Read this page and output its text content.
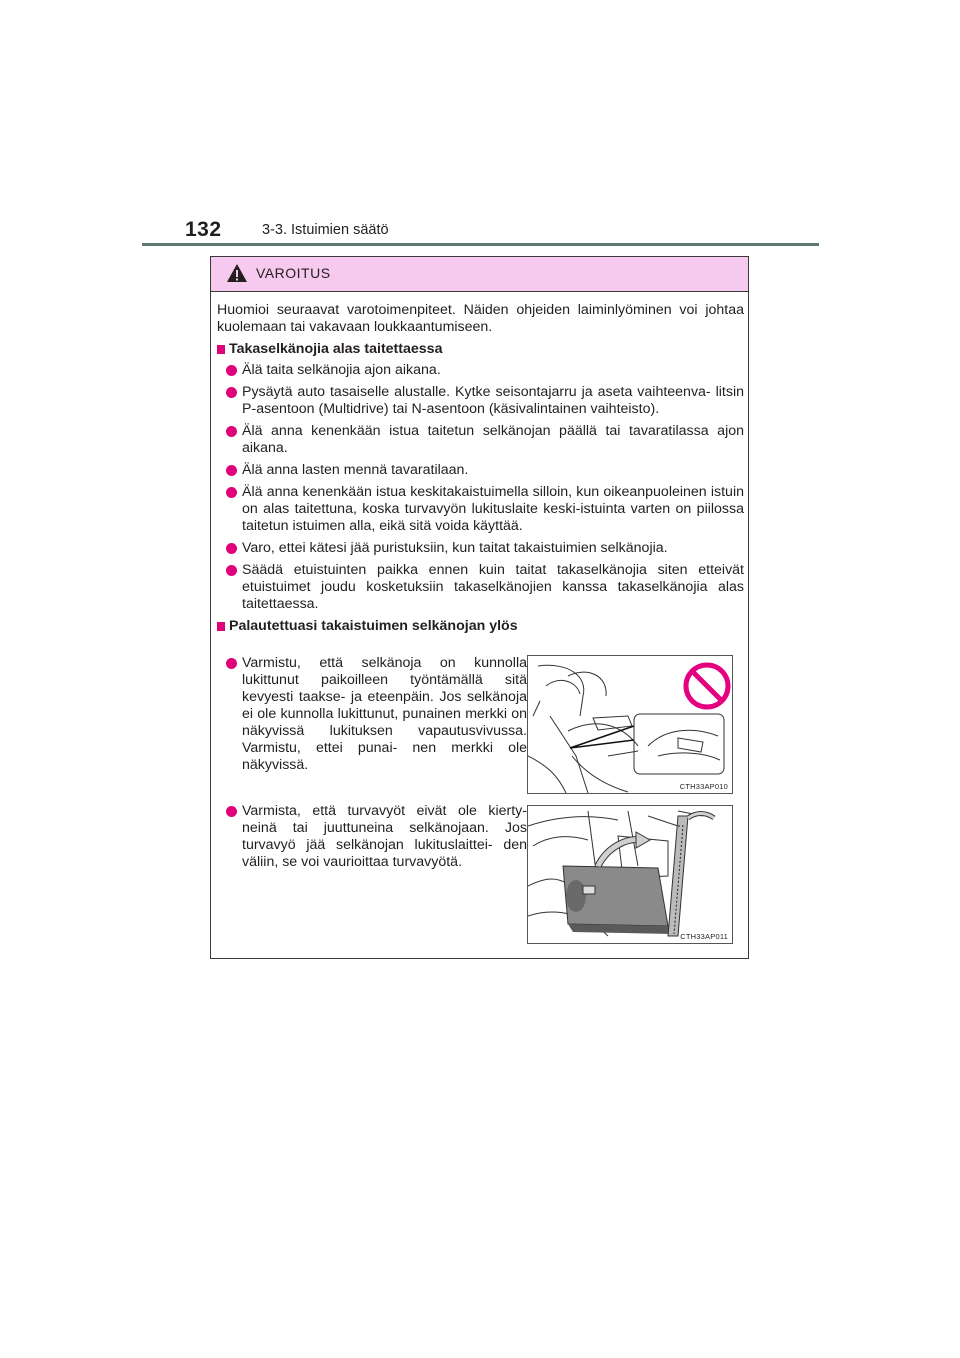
132	3-3. Istuimien säätö
VAROITUS

Huomioi seuraavat varotoimenpiteet. Näiden ohjeiden laiminlyöminen voi johtaa kuolemaan tai vakavaan loukkaantumiseen.

Takaselkänojia alas taitettaessa
Älä taita selkänojia ajon aikana.
Pysäytä auto tasaiselle alustalle. Kytke seisontajarru ja aseta vaihteenva- litsin P-asentoon (Multidrive) tai N-asentoon (käsivalintainen vaihteisto).
Älä anna kenenkään istua taitetun selkänojan päällä tai tavaratilassa ajon aikana.
Älä anna lasten mennä tavaratilaan.
Älä anna kenenkään istua keskitakaistuimella silloin, kun oikeanpuoleinen istuin on alas taitettuna, koska turvavyön lukituslaite keski-istuinta varten on piilossa taitetun istuimen alla, eikä sitä voida käyttää.
Varo, ettei kätesi jää puristuksiin, kun taitat takaistuimien selkänojia.
Säädä etuistuinten paikka ennen kuin taitat takaselkänojia siten etteivät etuistuimet joudu kosketuksiin takaselkänojien kanssa takaselkänojia alas taitettaessa.
Palautettuasi takaistuimen selkänojan ylös
Varmistu, että selkänoja on kunnolla lukittunut paikoilleen työntämällä sitä kevyesti taakse- ja eteenpäin. Jos selkänoja ei ole kunnolla lukittunut, punainen merkki on näkyvissä lukituksen vapautusvivussa. Varmistu, ettei punai- nen merkki ole näkyvissä.
Varmista, että turvavyöt eivät ole kierty- neinä tai juuttuneina selkänojaan. Jos turvavyö jää selkänojan lukituslaittei- den väliin, se voi vaurioittaa turvavyötä.
CTH33AP010
CTH33AP011
